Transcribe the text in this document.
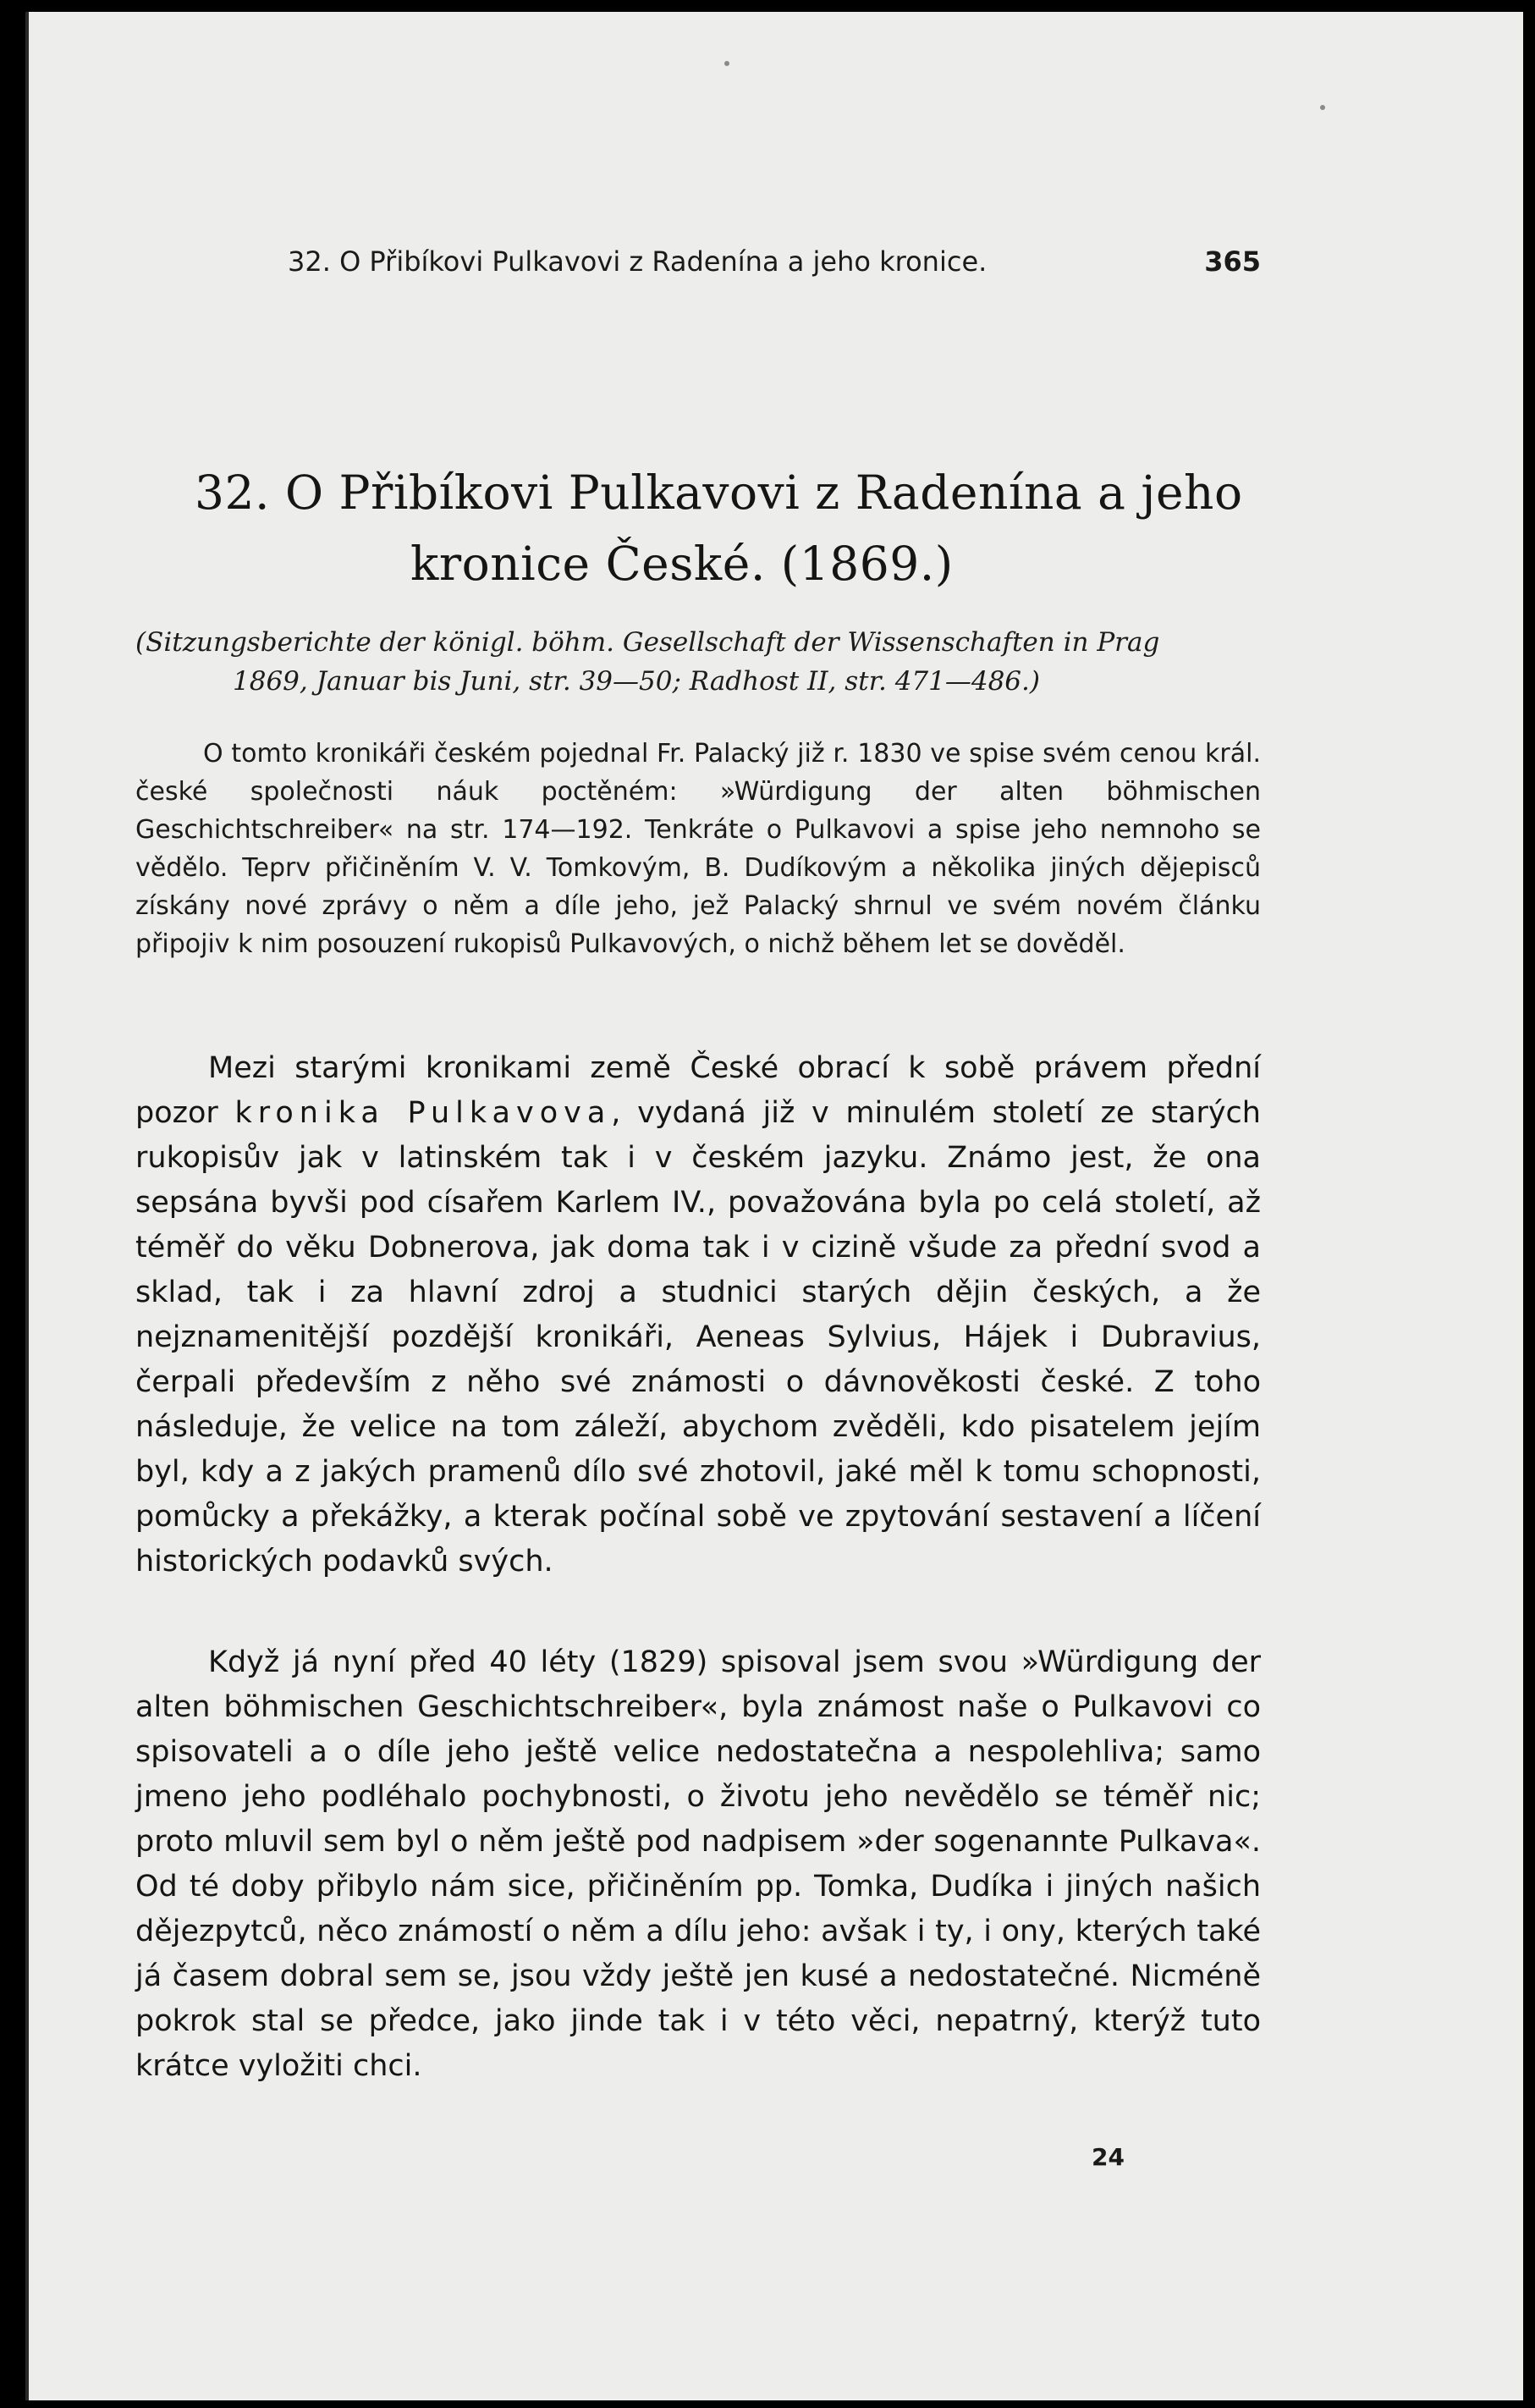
32. O Přibíkovi Pulkavovi z Radenína a jeho kronice.	365
32. O Přibíkovi Pulkavovi z Radenína a jeho
kronice České. (1869.)
(Sitzungsberichte der königl. böhm. Gesellschaft der Wissenschaften in Prag
1869, Januar bis Juni, str. 39—50; Radhost II, str. 471—486.)

O tomto kronikáři českém pojednal Fr. Palacký již r. 1830 ve spise svém cenou král. české společnosti náuk poctěném: »Würdigung der alten böhmischen Geschichtschreiber« na str. 174—192. Tenkráte o Pulkavovi a spise jeho nemnoho se vědělo. Teprv přičiněním V. V. Tomkovým, B. Dudíkovým a několika jiných dějepisců získány nové zprávy o něm a díle jeho, jež Palacký shrnul ve svém novém článku připojiv k nim posouzení rukopisů Pulkavových, o nichž během let se dověděl.

Mezi starými kronikami země České obrací k sobě právem přední pozor kronika Pulkavova, vydaná již v minulém století ze starých rukopisův jak v latinském tak i v českém jazyku. Známo jest, že ona sepsána byvši pod císařem Karlem IV., považována byla po celá století, až téměř do věku Dobnerova, jak doma tak i v cizině všude za přední svod a sklad, tak i za hlavní zdroj a studnici starých dějin českých, a že nejznamenitější pozdější kronikáři, Aeneas Sylvius, Hájek i Dubravius, čerpali především z něho své známosti o dávnověkosti české. Z toho následuje, že velice na tom záleží, abychom zvěděli, kdo pisatelem jejím byl, kdy a z jakých pramenů dílo své zhotovil, jaké měl k tomu schopnosti, pomůcky a překážky, a kterak počínal sobě ve zpytování sestavení a líčení historických podavků svých.

Když já nyní před 40 léty (1829) spisoval jsem svou »Würdigung der alten böhmischen Geschichtschreiber«, byla známost naše o Pulkavovi co spisovateli a o díle jeho ještě velice nedostatečna a nespolehliva; samo jmeno jeho podléhalo pochybnosti, o životu jeho nevědělo se téměř nic; proto mluvil sem byl o něm ještě pod nadpisem »der sogenannte Pulkava«. Od té doby přibylo nám sice, přičiněním pp. Tomka, Dudíka i jiných našich dějezpytců, něco známostí o něm a dílu jeho: avšak i ty, i ony, kterých také já časem dobral sem se, jsou vždy ještě jen kusé a nedostatečné. Nicméně pokrok stal se předce, jako jinde tak i v této věci, nepatrný, kterýž tuto krátce vyložiti chci.

24
